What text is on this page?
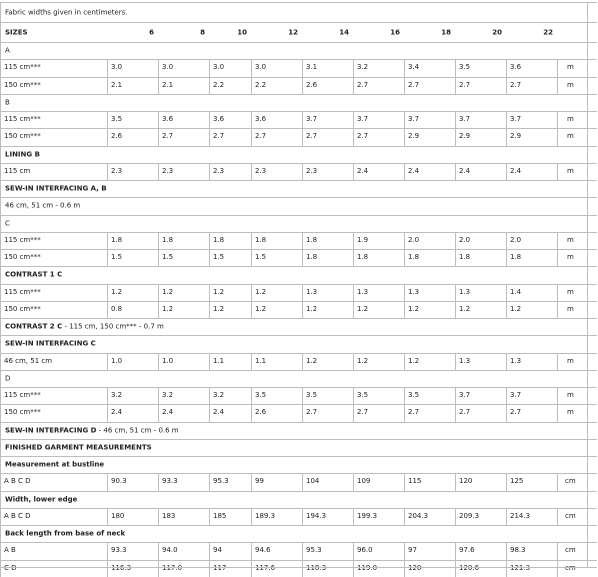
Fabric widths given in centimeters.
SIZES	6	8	10	12	14	16	18	20	22
A
115 cm***	3.0	3.0	3.0	3.0	3.1	3.2	3.4	3.5	3.6	m
150 cm***	2.1	2.1	2.2	2.2	2.6	2.7	2.7	2.7	2.7	m
B
115 cm***	3.5	3.6	3.6	3.6	3.7	3.7	3.7	3.7	3.7	m
150 cm***	2.6	2.7	2.7	2.7	2.7	2.7	2.9	2.9	2.9	m
LINING B
115 cm	2.3	2.3	2.3	2.3	2.3	2.4	2.4	2.4	2.4	m
SEW-IN INTERFACING A, B
46 cm, 51 cm - 0.6 m
C
115 cm***	1.8	1.8	1.8	1.8	1.8	1.9	2.0	2.0	2.0	m
150 cm***	1.5	1.5	1.5	1.5	1.8	1.8	1.8	1.8	1.8	m
CONTRAST 1 C
115 cm***	1.2	1.2	1.2	1.2	1.3	1.3	1.3	1.3	1.4	m
150 cm***	0.8	1.2	1.2	1.2	1.2	1.2	1.2	1.2	1.2	m
CONTRAST 2 C - 115 cm, 150 cm*** - 0.7 m
SEW-IN INTERFACING C
46 cm, 51 cm	1.0	1.0	1.1	1.1	1.2	1.2	1.2	1.3	1.3	m
D
115 cm***	3.2	3.2	3.2	3.5	3.5	3.5	3.5	3.7	3.7	m
150 cm***	2.4	2.4	2.4	2.6	2.7	2.7	2.7	2.7	2.7	m
SEW-IN INTERFACING D - 46 cm, 51 cm - 0.6 m
FINISHED GARMENT MEASUREMENTS
Measurement at bustline
A B C D	90.3	93.3	95.3	99	104	109	115	120	125	cm
Width, lower edge
A B C D	180	183	185	189.3	194.3	199.3	204.3	209.3	214.3	cm
Back length from base of neck
A B	93.3	94.0	94	94.6	95.3	96.0	97	97.6	98.3	cm
C D	116.3	117.0	117	117.6	118.3	119.0	120	120.6	121.3	cm
